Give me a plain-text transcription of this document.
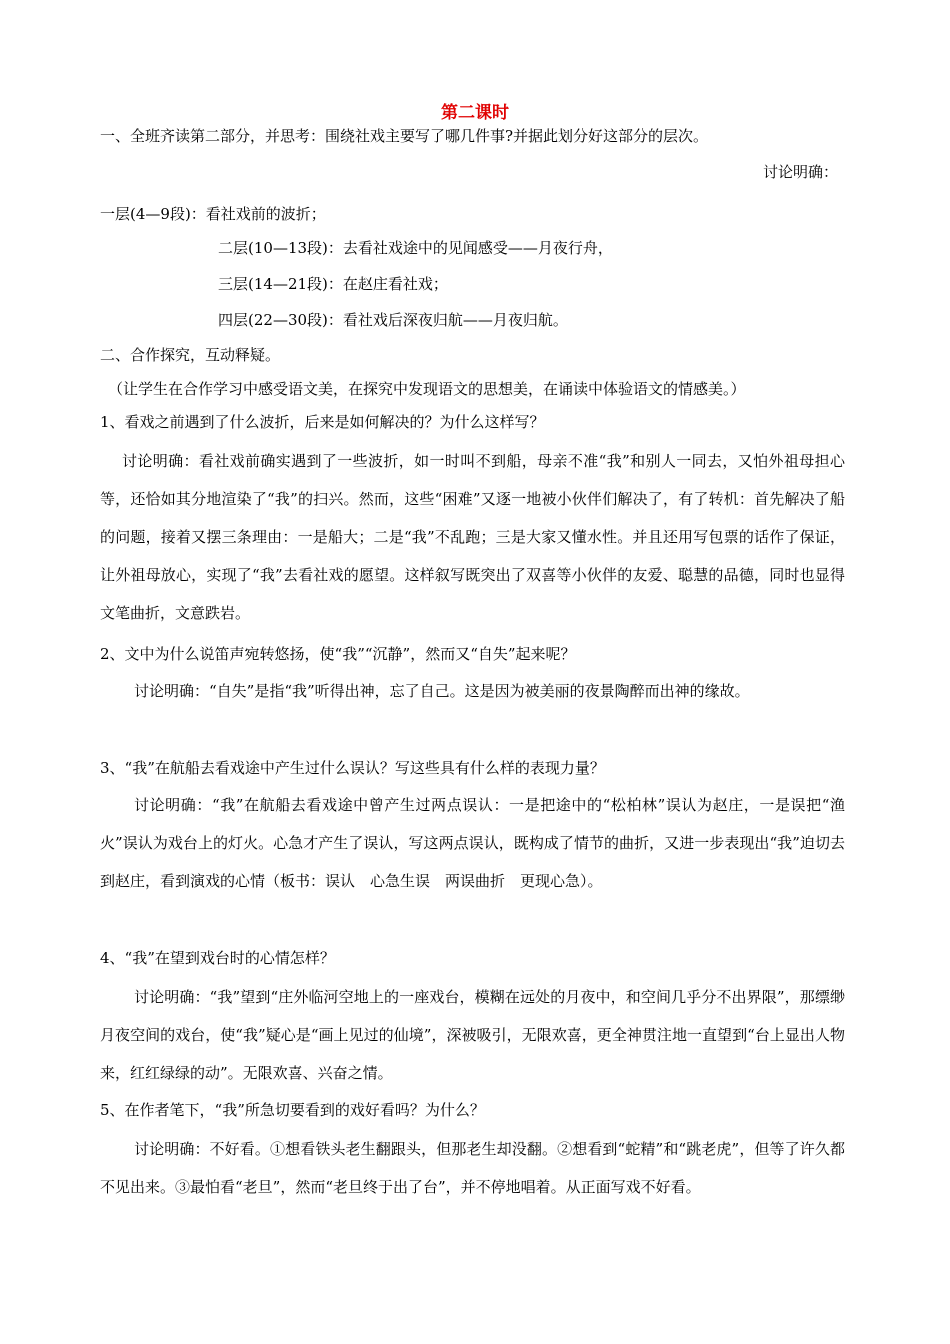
第二课时
一、全班齐读第二部分，并思考：围绕社戏主要写了哪几件事?并据此划分好这部分的层次。
讨论明确：
一层(4—9段)：看社戏前的波折；
二层(10—13段)：去看社戏途中的见闻感受——月夜行舟，
三层(14—21段)：在赵庄看社戏；
四层(22—30段)：看社戏后深夜归航——月夜归航。
二、合作探究，互动释疑。
（让学生在合作学习中感受语文美，在探究中发现语文的思想美，在诵读中体验语文的情感美。）
1、看戏之前遇到了什么波折，后来是如何解决的？为什么这样写？
讨论明确：看社戏前确实遇到了一些波折，如一时叫不到船，母亲不准“我”和别人一同去，又怕外祖母担心等，还恰如其分地渲染了“我”的扫兴。然而，这些“困难”又逐一地被小伙伴们解决了，有了转机：首先解决了船的问题，接着又摆三条理由：一是船大；二是“我”不乱跑；三是大家又懂水性。并且还用写包票的话作了保证，让外祖母放心，实现了“我”去看社戏的愿望。这样叙写既突出了双喜等小伙伴的友爱、聪慧的品德，同时也显得文笔曲折，文意跌岩。
2、文中为什么说笛声宛转悠扬，使“我”“沉静”，然而又“自失”起来呢？
讨论明确：“自失”是指“我”听得出神，忘了自己。这是因为被美丽的夜景陶醉而出神的缘故。
3、“我”在航船去看戏途中产生过什么误认？写这些具有什么样的表现力量？
讨论明确：“我”在航船去看戏途中曾产生过两点误认：一是把途中的“松柏林”误认为赵庄，一是误把“渔火”误认为戏台上的灯火。心急才产生了误认，写这两点误认，既构成了情节的曲折，又进一步表现出“我”迫切去到赵庄，看到演戏的心情（板书：误认　心急生误　两误曲折　更现心急）。
4、“我”在望到戏台时的心情怎样？
讨论明确：“我”望到“庄外临河空地上的一座戏台，模糊在远处的月夜中，和空间几乎分不出界限”，那缥缈月夜空间的戏台，使“我”疑心是“画上见过的仙境”，深被吸引，无限欢喜，更全神贯注地一直望到“台上显出人物来，红红绿绿的动”。无限欢喜、兴奋之情。
5、在作者笔下，“我”所急切要看到的戏好看吗？为什么？
讨论明确：不好看。①想看铁头老生翻跟头，但那老生却没翻。②想看到“蛇精”和“跳老虎”，但等了许久都不见出来。③最怕看“老旦”，然而“老旦终于出了台”，并不停地唱着。从正面写戏不好看。
